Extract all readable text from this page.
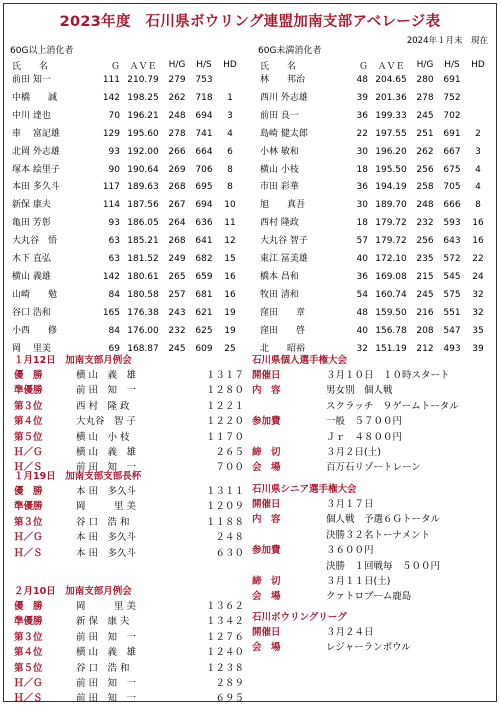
2023年度　石川県ボウリング連盟加南支部アベレージ表
2024年１月末　現在
60G以上消化者
氏　　名	Ｇ	ＡＶＥ	H/G	H/S	HD
前田 知一	111	210.79	279	753	
中橋　　誠	142	198.25	262	718	1
中川 達也	70	196.21	248	694	3
車　 富記雄	129	195.60	278	741	4
北岡 外志雄	93	192.00	266	664	6
塚本 絵里子	90	190.64	269	706	8
本田 多久斗	117	189.63	268	695	8
新保 康夫	114	187.56	267	694	10
亀田 芳彰	93	186.05	264	636	11
大丸谷　悟	63	185.21	268	641	12
木下 直弘	63	181.52	249	682	15
横山 義雄	142	180.61	265	659	16
山崎　　勉	84	180.58	257	681	16
谷口 浩和	165	176.38	243	621	19
小西　　修	84	176.00	232	625	19
岡　 里美	69	168.87	245	609	25
60G未満消化者
氏　　名	Ｇ	ＡＶＥ	H/G	H/S	HD
林　　邦治	48	204.65	280	691	
西川 外志雄	39	201.36	278	752	
前田 良一	36	199.33	245	702	
島崎 健太郎	22	197.55	251	691	2
小林 敏和	30	196.20	262	667	3
横山 小枝	18	195.50	256	675	4
市田 彩華	36	194.19	258	705	4
旭　　真吾	30	189.70	248	666	8
西村 隆政	18	179.72	232	593	16
大丸谷 智子	57	179.72	256	643	16
東江 冨美雄	40	172.10	235	572	22
橋本 昌和	36	169.08	215	545	24
牧田 清和	54	160.74	245	575	32
窪田　　章	48	159.50	216	551	32
窪田　　啓	40	156.78	208	547	35
北　　昭裕	32	151.19	212	493	39
１月12日　加南支部月例会
優　勝	横 山　義　雄	１３１７
準優勝	前 田　知　一	１２８０
第３位	西 村　隆 政	１２２１
第４位	大丸谷　智 子	１２２０
第５位	横 山　小 枝	１１７０
Ｈ／Ｇ	横 山　義　雄	２６５
Ｈ／Ｓ	前 田　知　一	７００
１月19日　加南支部支部長杯
優　勝	本 田　多久斗	１３１１
準優勝	岡　　　里 美	１２０９
第３位	谷 口　浩 和	１１８８
Ｈ／Ｇ	本 田　多久斗	２４８
Ｈ／Ｓ	本 田　多久斗	６３０
２月10日　加南支部月例会
優　勝	岡　　　里 美	１３６２
準優勝	新 保　康 夫	１３４２
第３位	前 田　知　一	１２７６
第４位	横 山　義　雄	１２４０
第５位	谷 口　浩 和	１２３８
Ｈ／Ｇ	前 田　知　一	２８９
Ｈ／Ｓ	前 田　知　一	６９５
石川県個人選手権大会
開催日	３月１０日　１０時スタート
内　容	男女別　個人戦
スクラッチ　９ゲームトータル
参加費	一般　５７００円
Ｊｒ　４８００円
締　切	３月２日(土)
会　場	百万石リゾートレーン
石川県シニア選手権大会
開催日	３月１７日
内　容	個人戦　予選６Ｇトータル
決勝３２名トーナメント
参加費	３６００円
決勝　１回戦毎　５００円
締　切	３月１１日(土)
会　場	クァトロブーム鹿島
石川ボウリングリーグ
開催日	３月２４日
会　場	レジャーランボウル
